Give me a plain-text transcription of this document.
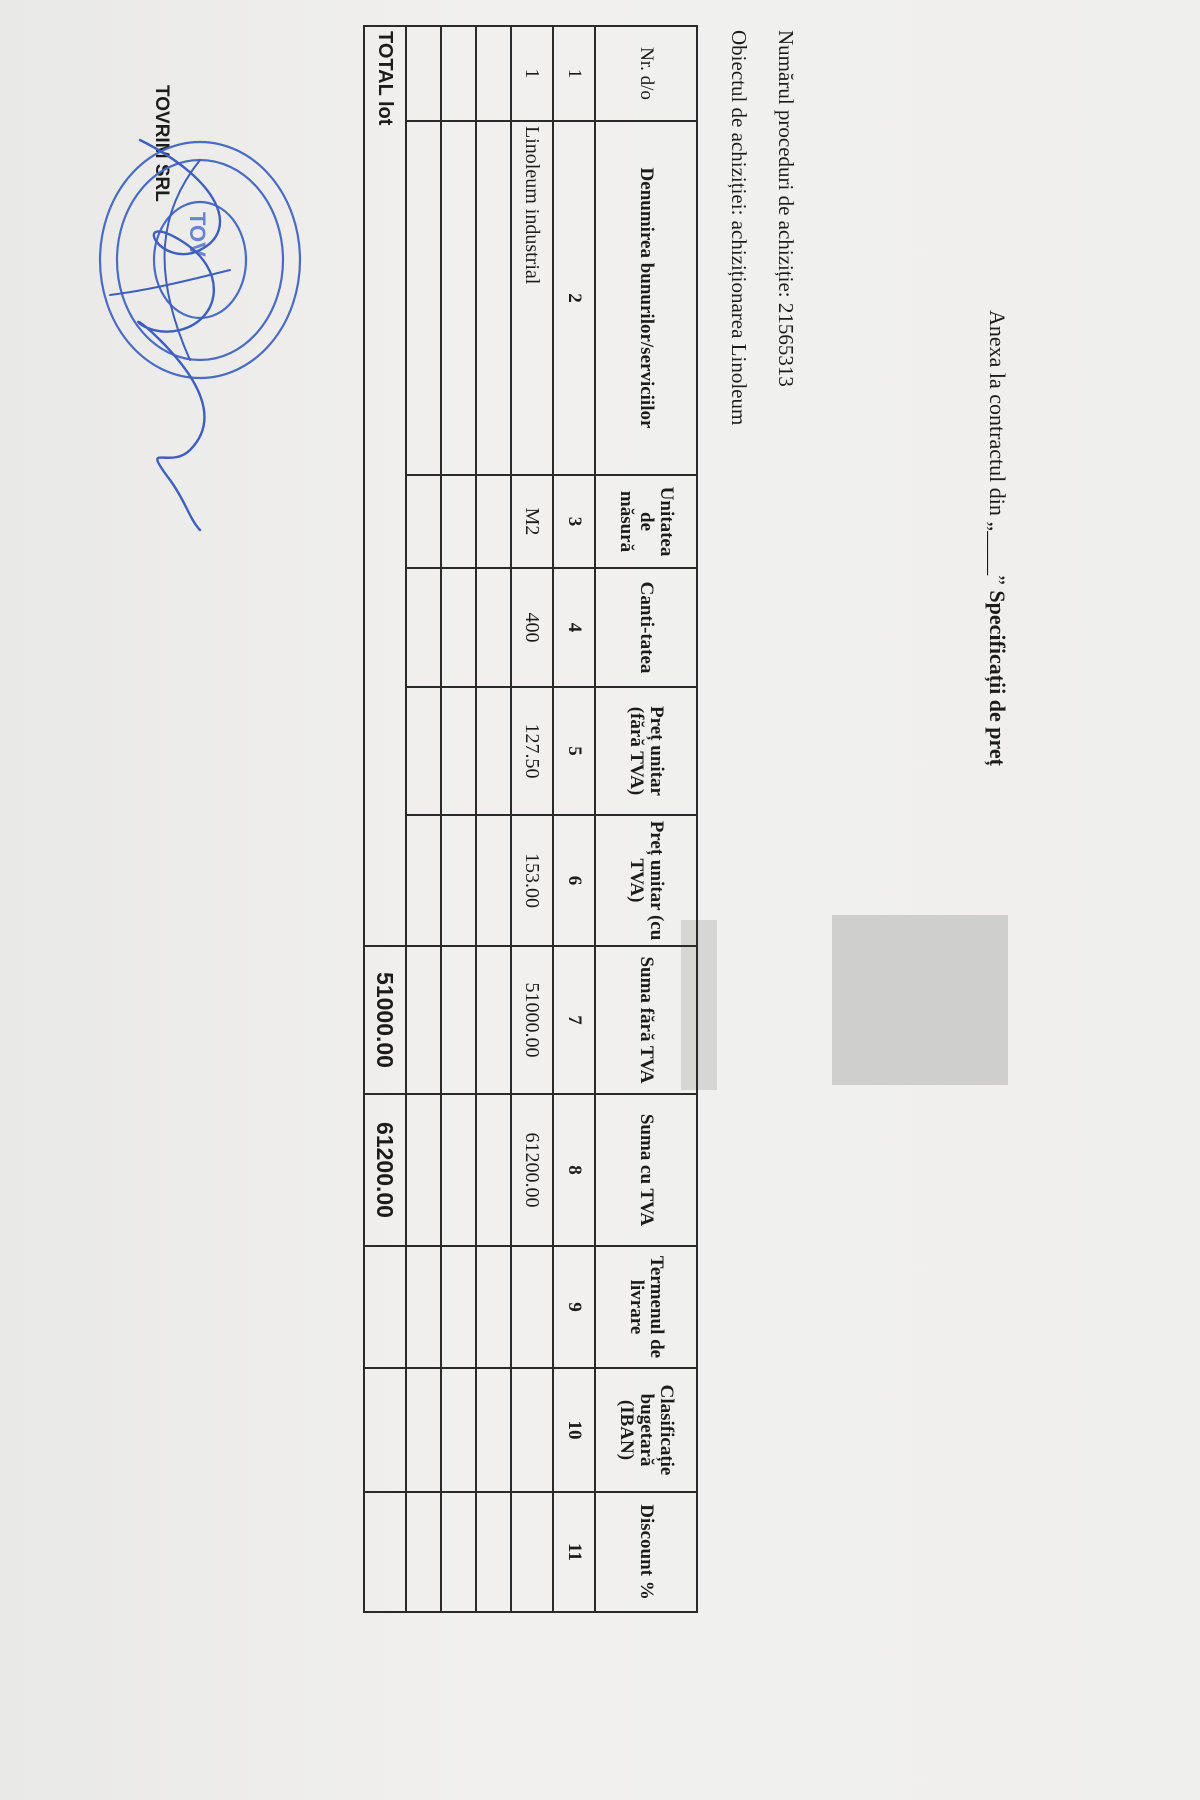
Anexa la contractul din „____” Specificații de preț
Numărul proceduri de achiziție: 21565313
Obiectul de achiziției: achiziționarea Linoleum
Nr. d/o	Denumirea bunurilor/serviciilor	Unitatea de măsură	Canti-tatea	Preț unitar (fără TVA)	Preț unitar (cu TVA)	Suma fără TVA	Suma cu TVA	Termenul de livrare	Clasificație bugetară (IBAN)	Discount %
1	2	3	4	5	6	7	8	9	10	11
1	Linoleum industrial	M2	400	127.50	153.00	51000.00	61200.00			

TOTAL lot						51000.00	61200.00			
TOVRIM SRL
TOV
